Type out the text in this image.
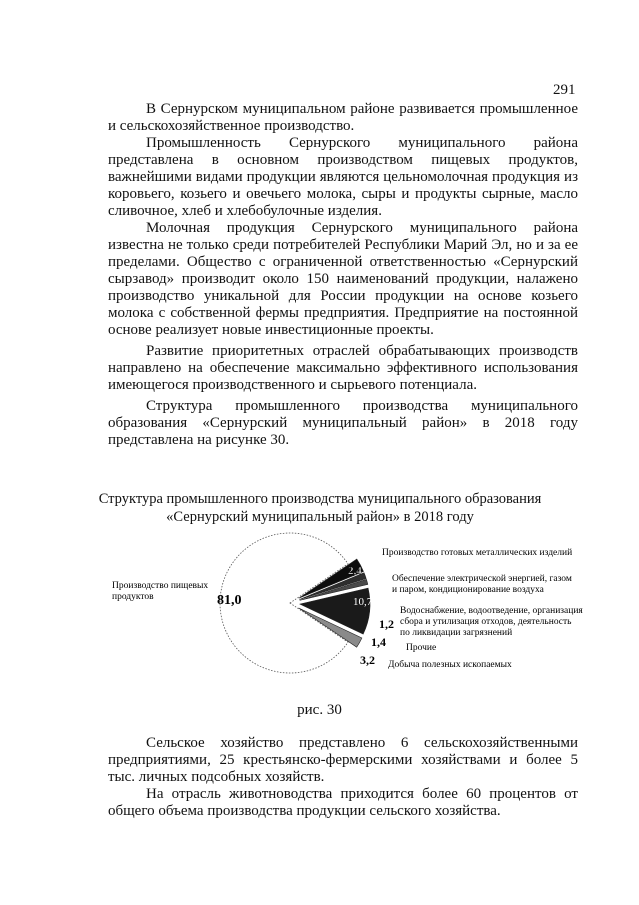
291

В Сернурском муниципальном районе развивается промышленное и сельскохозяйственное производство.

Промышленность Сернурского муниципального района представлена в основном производством пищевых продуктов, важнейшими видами продукции являются цельномолочная продукция из коровьего, козьего и овечьего молока, сыры и продукты сырные, масло сливочное, хлеб и хлебобулочные изделия.

Молочная продукция Сернурского муниципального района известна не только среди потребителей Республики Марий Эл, но и за ее пределами. Общество с ограниченной ответственностью «Сернурский сырзавод» производит около 150 наименований продукции, налажено производство уникальной для России продукции на основе козьего молока с собственной фермы предприятия. Предприятие на постоянной основе реализует новые инвестиционные проекты.

Развитие приоритетных отраслей обрабатывающих производств направлено на обеспечение максимально эффективного использования имеющегося производственного и сырьевого потенциала.

Структура промышленного производства муниципального образования «Сернурский муниципальный район» в 2018 году представлена на рисунке 30.

Структура промышленного производства муниципального образования
«Сернурский муниципальный район» в 2018 году
Производство пищевых
продуктов	81,0
Производство готовых металлических изделий
2,4
Обеспечение электрической энергией, газом
и паром, кондиционирование воздуха
10,7
Водоснабжение, водоотведение, организация
сбора и утилизация отходов, деятельность
по ликвидации загрязнений
1,2
Прочие
1,4
Добыча полезных ископаемых
3,2
рис. 30

Сельское хозяйство представлено 6 сельскохозяйственными предприятиями, 25 крестьянско-фермерскими хозяйствами и более 5 тыс. личных подсобных хозяйств.

На отрасль животноводства приходится более 60 процентов от общего объема производства продукции сельского хозяйства.
